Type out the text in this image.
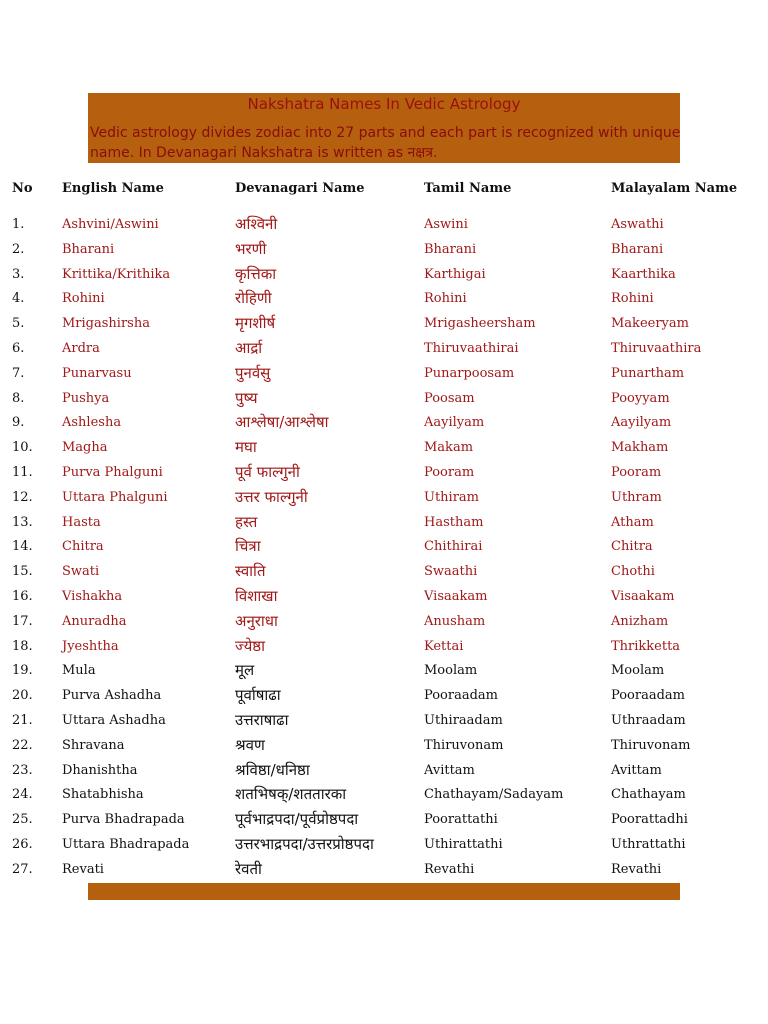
Nakshatra Names In Vedic Astrology
Vedic astrology divides zodiac into 27 parts and each part is recognized with unique name. In Devanagari Nakshatra is written as नक्षत्र.
No English Name	Devanagari Name	Tamil Name	Malayalam Name
1.	Ashvini/Aswini	अश्विनी	Aswini	Aswathi
2.	Bharani	भरणी	Bharani	Bharani
3.	Krittika/Krithika	कृत्तिका	Karthigai	Kaarthika
4.	Rohini	रोहिणी	Rohini	Rohini
5.	Mrigashirsha	मृगशीर्ष	Mrigasheersham	Makeeryam
6.	Ardra	आर्द्रा	Thiruvaathirai	Thiruvaathira
7.	Punarvasu	पुनर्वसु	Punarpoosam	Punartham
8.	Pushya	पुष्य	Poosam	Pooyyam
9.	Ashlesha	आश्लेषा/आश्लेषा	Aayilyam	Aayilyam
10. Magha	मघा	Makam	Makham
11. Purva Phalguni	पूर्व फाल्गुनी	Pooram	Pooram
12. Uttara Phalguni	उत्तर फाल्गुनी	Uthiram	Uthram
13. Hasta	हस्त	Hastham	Atham
14. Chitra	चित्रा	Chithirai	Chitra
15. Swati	स्वाति	Swaathi	Chothi
16. Vishakha	विशाखा	Visaakam	Visaakam
17. Anuradha	अनुराधा	Anusham	Anizham
18. Jyeshtha	ज्येष्ठा	Kettai	Thrikketta
19. Mula	मूल	Moolam	Moolam
20. Purva Ashadha	पूर्वाषाढा	Pooraadam	Pooraadam
21. Uttara Ashadha	उत्तराषाढा	Uthiraadam	Uthraadam
22. Shravana	श्रवण	Thiruvonam	Thiruvonam
23. Dhanishtha	श्रविष्ठा/धनिष्ठा	Avittam	Avittam
24. Shatabhisha	शतभिषक्/शततारका	Chathayam/Sadayam	Chathayam
25. Purva Bhadrapada	पूर्वभाद्रपदा/पूर्वप्रोष्ठपदा	Poorattathi	Poorattadhi
26. Uttara Bhadrapada	उत्तरभाद्रपदा/उत्तरप्रोष्ठपदा	Uthirattathi	Uthrattathi
27. Revati	रेवती	Revathi	Revathi
